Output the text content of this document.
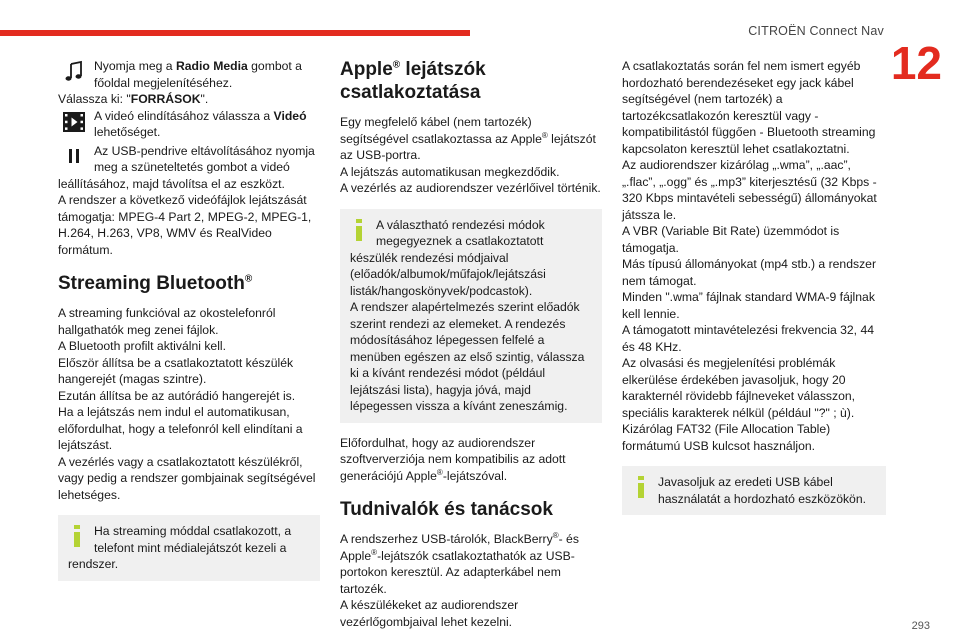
CITROËN Connect Nav
12
293

Nyomja meg a Radio Media gombot a főoldal megjelenítéséhez.

Válassza ki: "FORRÁSOK".

A videó elindításához válassza a Videó lehetőséget.

Az USB-pendrive eltávolításához nyomja meg a szüneteltetés gombot a videó leállításához, majd távolítsa el az eszközt.

A rendszer a következő videófájlok lejátszását támogatja: MPEG-4 Part 2, MPEG-2, MPEG-1, H.264, H.263, VP8, WMV és RealVideo formátum.

Streaming Bluetooth®

A streaming funkcióval az okostelefonról hallgathatók meg zenei fájlok.

A Bluetooth profilt aktiválni kell.

Először állítsa be a csatlakoztatott készülék hangerejét (magas szintre).

Ezután állítsa be az autórádió hangerejét is.

Ha a lejátszás nem indul el automatikusan, előfordulhat, hogy a telefonról kell elindítani a lejátszást.

A vezérlés vagy a csatlakoztatott készülékről, vagy pedig a rendszer gombjainak segítségével lehetséges.

Ha streaming móddal csatlakozott, a telefont mint médialejátszót kezeli a rendszer.

Apple® lejátszók csatlakoztatása

Egy megfelelő kábel (nem tartozék) segítségével csatlakoztassa az Apple® lejátszót az USB-portra.

A lejátszás automatikusan megkezdődik.

A vezérlés az audiorendszer vezérlőivel történik.

A választható rendezési módok megegyeznek a csatlakoztatott készülék rendezési módjaival (előadók/albumok/műfajok/lejátszási listák/hangoskönyvek/podcastok).

A rendszer alapértelmezés szerint előadók szerint rendezi az elemeket. A rendezés módosításához lépegessen felfelé a menüben egészen az első szintig, válassza ki a kívánt rendezési módot (például lejátszási lista), hagyja jóvá, majd lépegessen vissza a kívánt zeneszámig.

Előfordulhat, hogy az audiorendszer szoftververziója nem kompatibilis az adott generációjú Apple®-lejátszóval.

Tudnivalók és tanácsok

A rendszerhez USB-tárolók, BlackBerry®- és Apple®-lejátszók csatlakoztathatók az USB-portokon keresztül. Az adapterkábel nem tartozék.

A készülékeket az audiorendszer vezérlőgombjaival lehet kezelni.

A csatlakoztatás során fel nem ismert egyéb hordozható berendezéseket egy jack kábel segítségével (nem tartozék) a tartozékcsatlakozón keresztül vagy - kompatibilitástól függően - Bluetooth streaming kapcsolaton keresztül lehet csatlakoztatni.

Az audiorendszer kizárólag „.wma”, „.aac”, „.flac”, „.ogg” és „.mp3” kiterjesztésű (32 Kbps - 320 Kbps mintavételi sebességű) állományokat játssza le.

A VBR (Variable Bit Rate) üzemmódot is támogatja.

Más típusú állományokat (mp4 stb.) a rendszer nem támogat.

Minden ".wma” fájlnak standard WMA-9 fájlnak kell lennie.

A támogatott mintavételezési frekvencia 32, 44 és 48 KHz.

Az olvasási és megjelenítési problémák elkerülése érdekében javasoljuk, hogy 20 karakternél rövidebb fájlneveket válasszon, speciális karakterek nélkül (például "?" ; ù).

Kizárólag FAT32 (File Allocation Table) formátumú USB kulcsot használjon.

Javasoljuk az eredeti USB kábel használatát a hordozható eszközökön.
